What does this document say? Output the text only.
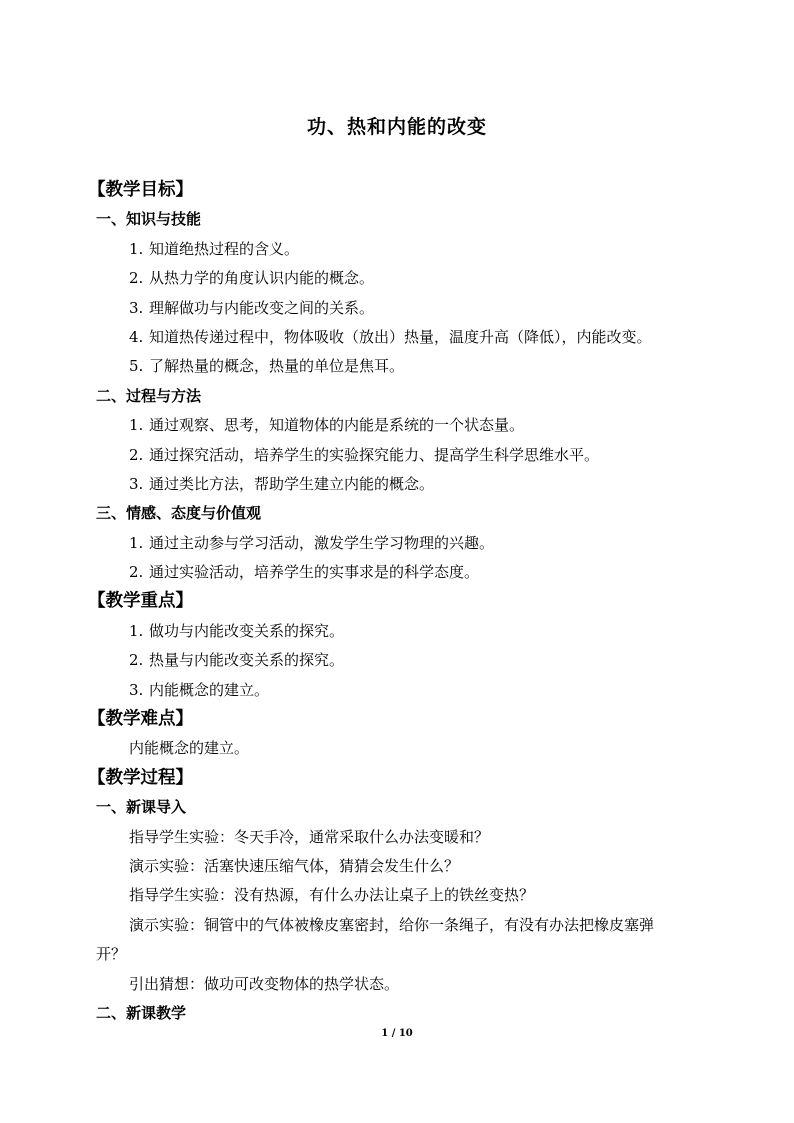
功、热和内能的改变
【教学目标】
一、知识与技能
1. 知道绝热过程的含义。
2. 从热力学的角度认识内能的概念。
3. 理解做功与内能改变之间的关系。
4. 知道热传递过程中，物体吸收（放出）热量，温度升高（降低），内能改变。
5. 了解热量的概念，热量的单位是焦耳。
二、过程与方法
1. 通过观察、思考，知道物体的内能是系统的一个状态量。
2. 通过探究活动，培养学生的实验探究能力、提高学生科学思维水平。
3. 通过类比方法，帮助学生建立内能的概念。
三、情感、态度与价值观
1. 通过主动参与学习活动，激发学生学习物理的兴趣。
2. 通过实验活动，培养学生的实事求是的科学态度。
【教学重点】
1. 做功与内能改变关系的探究。
2. 热量与内能改变关系的探究。
3. 内能概念的建立。
【教学难点】
内能概念的建立。
【教学过程】
一、新课导入
指导学生实验：冬天手冷，通常采取什么办法变暖和？
演示实验：活塞快速压缩气体，猜猜会发生什么？
指导学生实验：没有热源，有什么办法让桌子上的铁丝变热？
演示实验：铜管中的气体被橡皮塞密封，给你一条绳子，有没有办法把橡皮塞弹
开？
引出猜想：做功可改变物体的热学状态。
二、新课教学
1 / 10
